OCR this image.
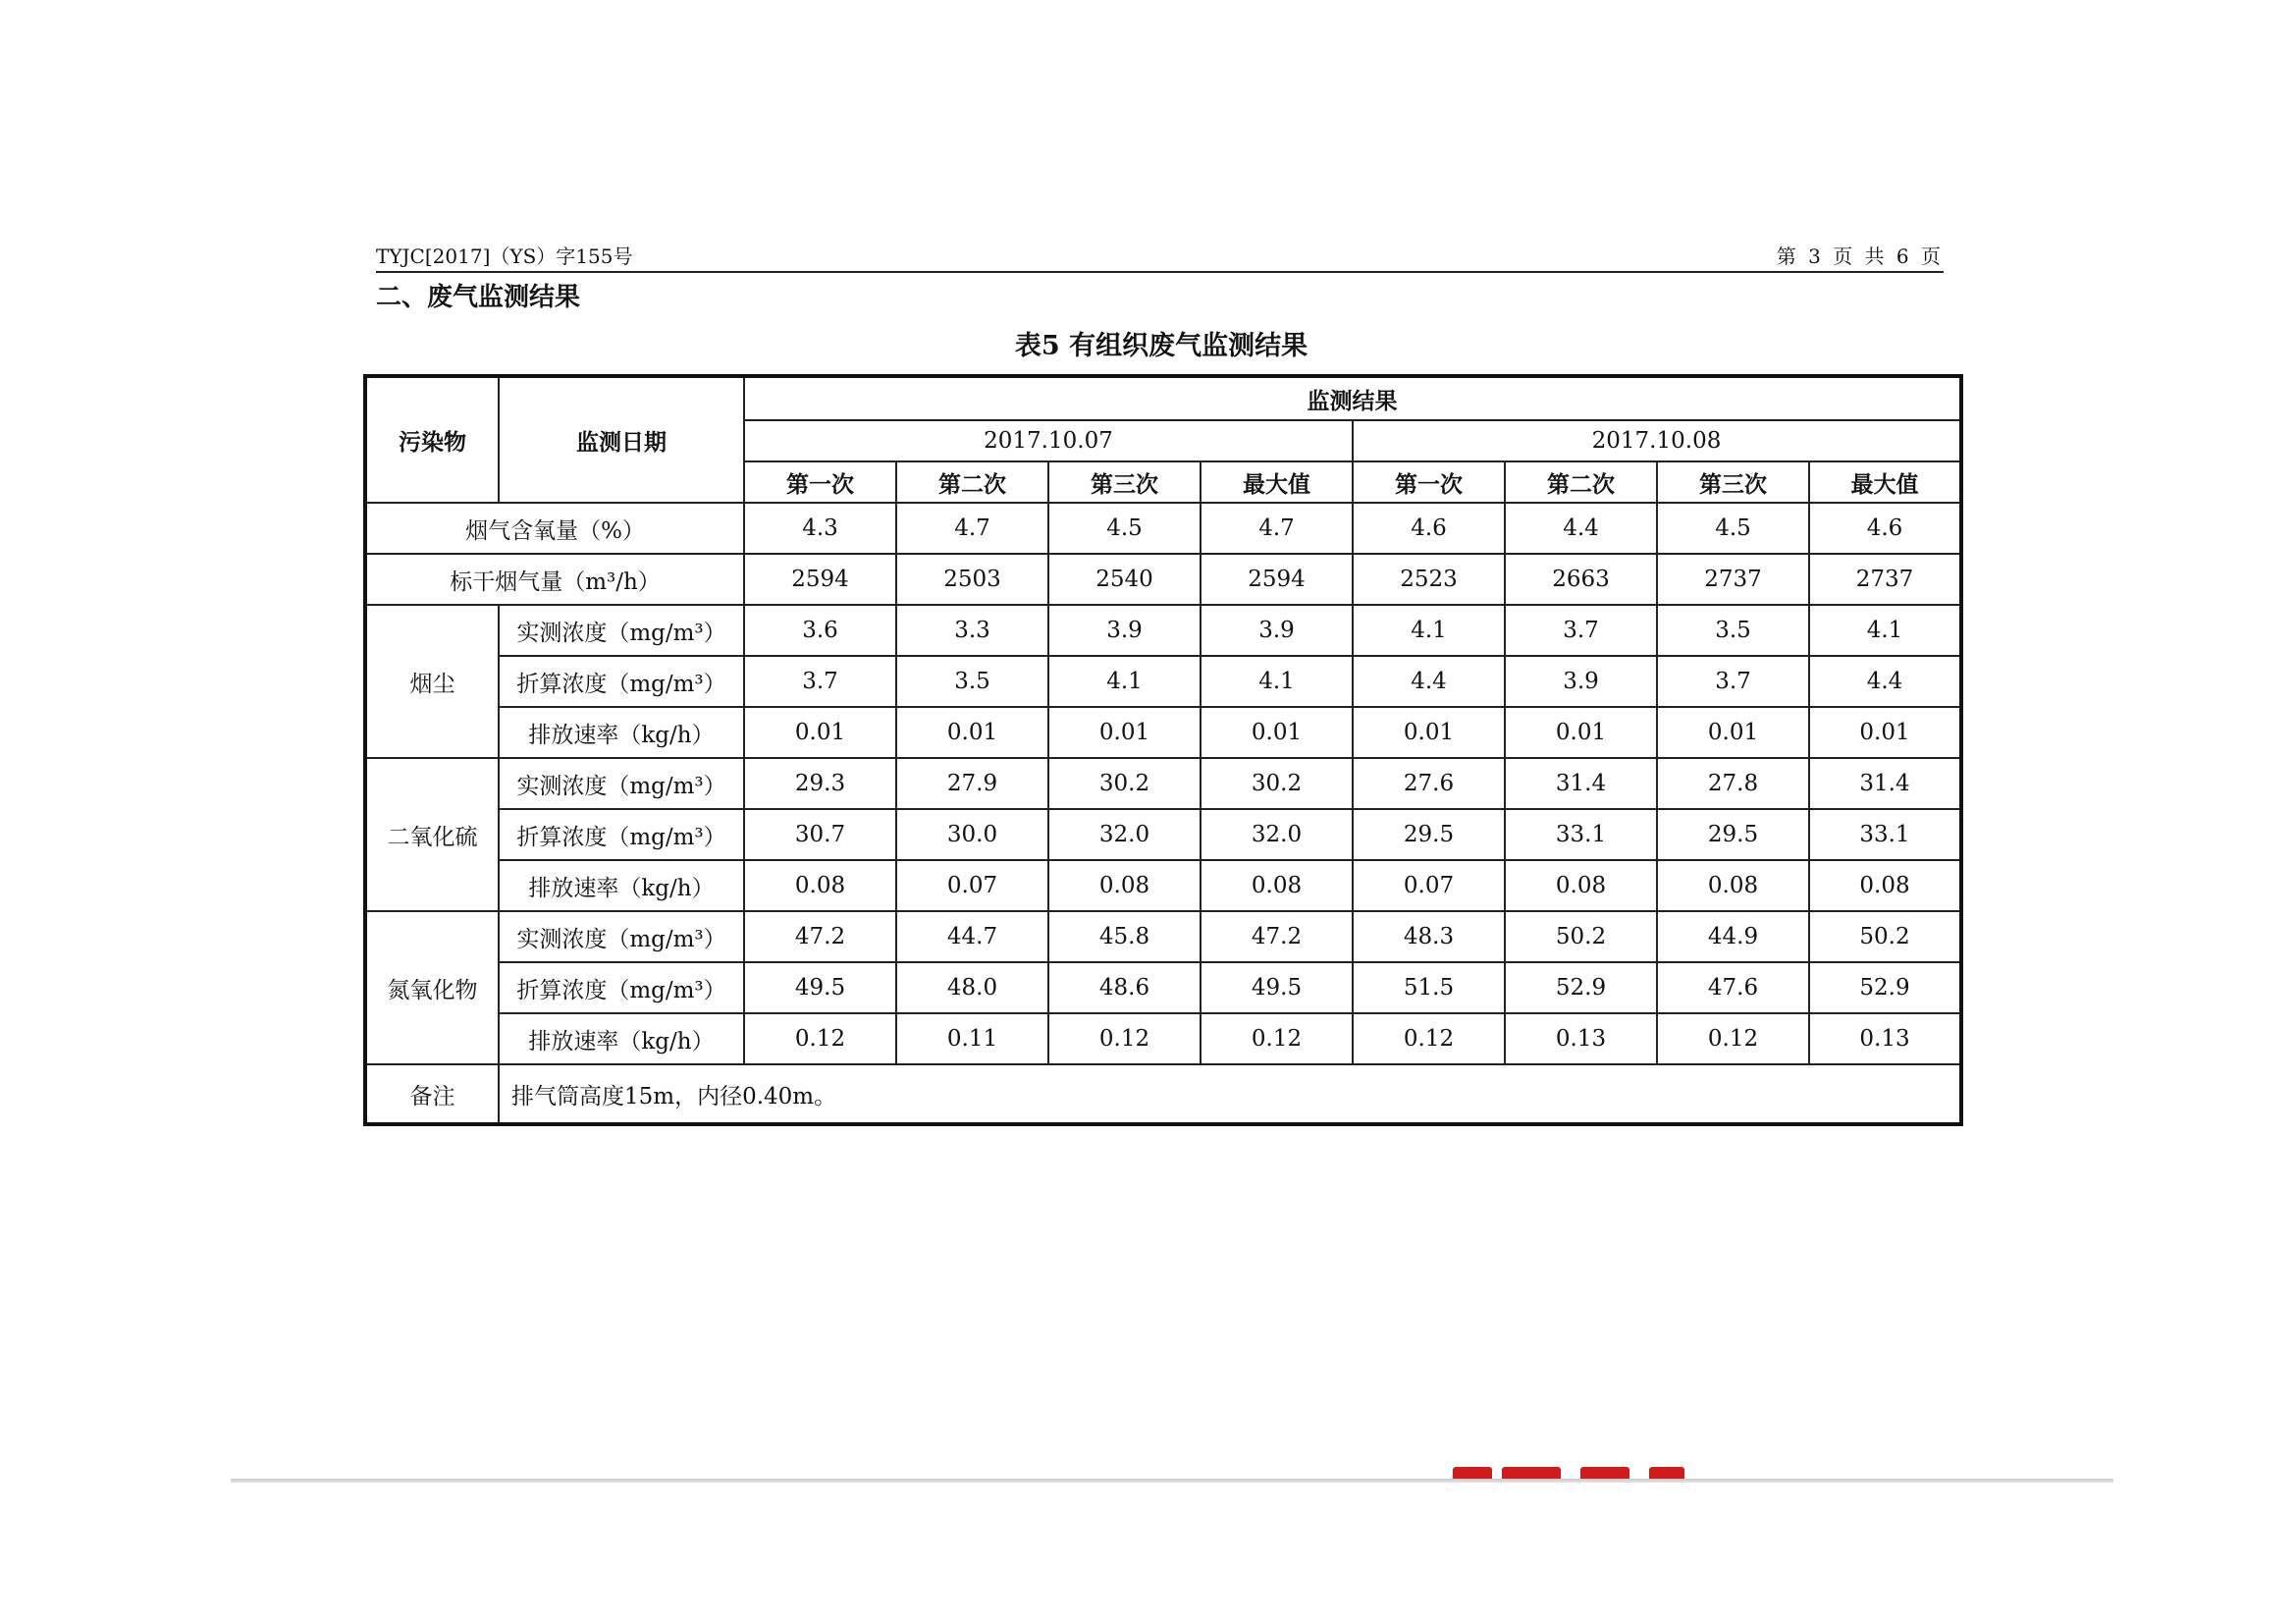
TYJC[2017]（YS）字155号	第 3 页 共 6 页
二、废气监测结果
表5 有组织废气监测结果
污染物	监测日期	监测结果							
		2017.10.07				2017.10.08			
		第一次	第二次	第三次	最大值	第一次	第二次	第三次	最大值
烟气含氧量（%）		4.3	4.7	4.5	4.7	4.6	4.4	4.5	4.6
标干烟气量（m³/h）		2594	2503	2540	2594	2523	2663	2737	2737
烟尘	实测浓度（mg/m³）	3.6	3.3	3.9	3.9	4.1	3.7	3.5	4.1
	折算浓度（mg/m³）	3.7	3.5	4.1	4.1	4.4	3.9	3.7	4.4
	排放速率（kg/h）	0.01	0.01	0.01	0.01	0.01	0.01	0.01	0.01
二氧化硫	实测浓度（mg/m³）	29.3	27.9	30.2	30.2	27.6	31.4	27.8	31.4
	折算浓度（mg/m³）	30.7	30.0	32.0	32.0	29.5	33.1	29.5	33.1
	排放速率（kg/h）	0.08	0.07	0.08	0.08	0.07	0.08	0.08	0.08
氮氧化物	实测浓度（mg/m³）	47.2	44.7	45.8	47.2	48.3	50.2	44.9	50.2
	折算浓度（mg/m³）	49.5	48.0	48.6	49.5	51.5	52.9	47.6	52.9
	排放速率（kg/h）	0.12	0.11	0.12	0.12	0.12	0.13	0.12	0.13
备注	排气筒高度15m，内径0.40m。								
